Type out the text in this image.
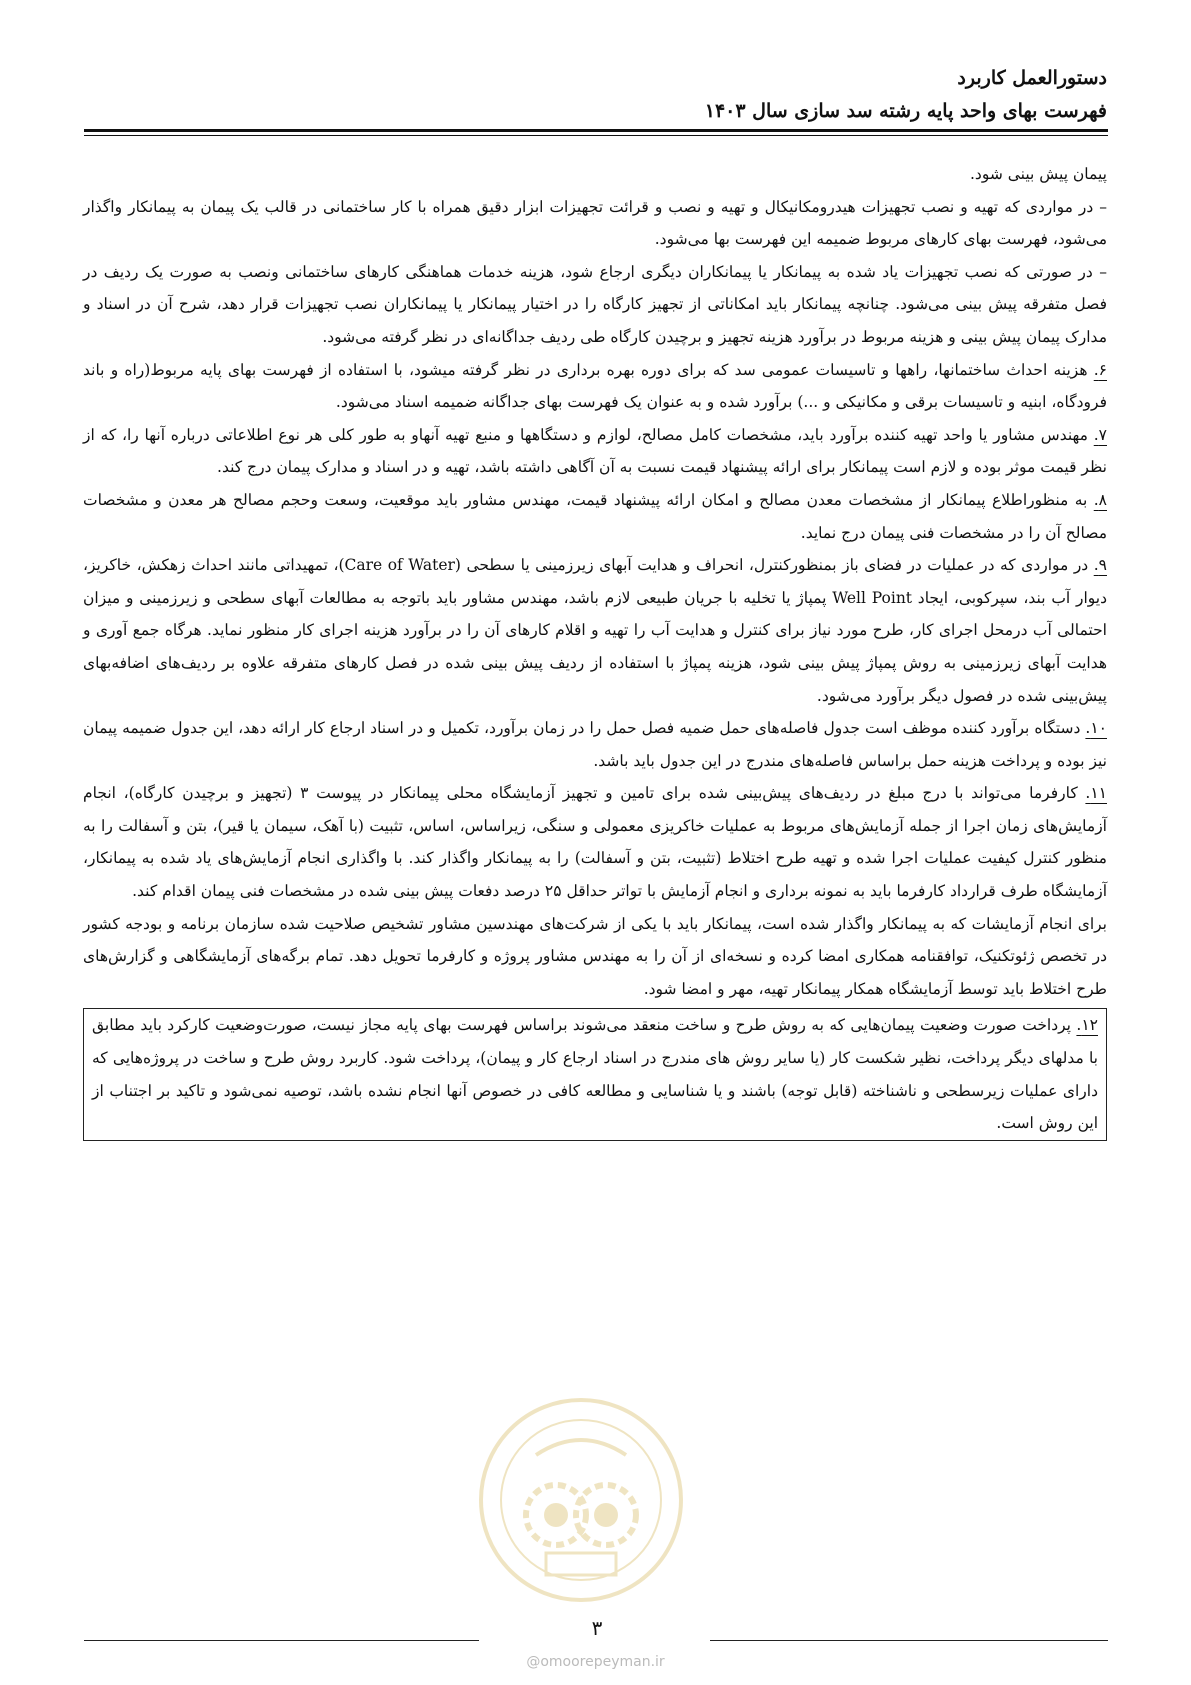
دستورالعمل کاربرد
فهرست بهای واحد پایه رشته سد سازی سال ۱۴۰۳

پیمان پیش بینی شود.

– در مواردی که تهیه و نصب تجهیزات هیدرومکانیکال و تهیه و نصب و قرائت تجهیزات ابزار دقیق همراه با کار ساختمانی در قالب یک پیمان به پیمانکار واگذار می‌شود، فهرست بهای کارهای مربوط ضمیمه این فهرست بها می‌شود.

– در صورتی که نصب تجهیزات یاد شده به پیمانکار یا پیمانکاران دیگری ارجاع شود، هزینه خدمات هماهنگی کارهای ساختمانی ونصب به صورت یک ردیف در فصل متفرقه پیش بینی می‌شود. چنانچه پیمانکار باید امکاناتی از تجهیز کارگاه را در اختیار پیمانکار یا پیمانکاران نصب تجهیزات قرار دهد، شرح آن در اسناد و مدارک پیمان پیش بینی و هزینه مربوط در برآورد هزینه تجهیز و برچیدن کارگاه طی ردیف جداگانه‌ای در نظر گرفته می‌شود.

۶. هزینه احداث ساختمانها، راهها و تاسیسات عمومی سد که برای دوره بهره برداری در نظر گرفته میشود، با استفاده از فهرست بهای پایه مربوط(راه و باند فرودگاه، ابنیه و تاسیسات برقی و مکانیکی و ...) برآورد شده و به عنوان یک فهرست بهای جداگانه ضمیمه اسناد می‌شود.

۷. مهندس مشاور یا واحد تهیه کننده برآورد باید، مشخصات کامل مصالح، لوازم و دستگاهها و منبع تهیه آنهاو به طور کلی هر نوع اطلاعاتی درباره آنها را، که از نظر قیمت موثر بوده و لازم است پیمانکار برای ارائه پیشنهاد قیمت نسبت به آن آگاهی داشته باشد، تهیه و در اسناد و مدارک پیمان درج کند.

۸. به منظوراطلاع پیمانکار از مشخصات معدن مصالح و امکان ارائه پیشنهاد قیمت، مهندس مشاور باید موقعیت، وسعت وحجم مصالح هر معدن و مشخصات مصالح آن را در مشخصات فنی پیمان درج نماید.

۹. در مواردی که در عملیات در فضای باز بمنظورکنترل، انحراف و هدایت آبهای زیرزمینی یا سطحی (Care of Water)، تمهیداتی مانند احداث زهکش، خاکریز، دیوار آب بند، سپرکوبی، ایجاد Well Point پمپاژ یا تخلیه با جریان طبیعی لازم باشد، مهندس مشاور باید باتوجه به مطالعات آبهای سطحی و زیرزمینی و میزان احتمالی آب درمحل اجرای کار، طرح مورد نیاز برای کنترل و هدایت آب را تهیه و اقلام کارهای آن را در برآورد هزینه اجرای کار منظور نماید. هرگاه جمع آوری و هدایت آبهای زیرزمینی به روش پمپاژ پیش بینی شود، هزینه پمپاژ با استفاده از ردیف پیش بینی شده در فصل کارهای متفرقه علاوه بر ردیف‌های اضافه‌بهای پیش‌بینی شده در فصول دیگر برآورد می‌شود.

۱۰. دستگاه برآورد کننده موظف است جدول فاصله‌های حمل ضمیه فصل حمل را در زمان برآورد، تکمیل و در اسناد ارجاع کار ارائه دهد، این جدول ضمیمه پیمان نیز بوده و پرداخت هزینه حمل براساس فاصله‌های مندرج در این جدول باید باشد.

۱۱. کارفرما می‌تواند با درج مبلغ در ردیف‌های پیش‌بینی شده برای تامین و تجهیز آزمایشگاه محلی پیمانکار در پیوست ۳ (تجهیز و برچیدن کارگاه)، انجام آزمایش‌های زمان اجرا از جمله آزمایش‌های مربوط به عملیات خاکریزی معمولی و سنگی، زیراساس، اساس، تثبیت (با آهک، سیمان یا قیر)، بتن و آسفالت را به منظور کنترل کیفیت عملیات اجرا شده و تهیه طرح اختلاط (تثبیت، بتن و آسفالت) را به پیمانکار واگذار کند. با واگذاری انجام آزمایش‌های یاد شده به پیمانکار، آزمایشگاه طرف قرارداد کارفرما باید به نمونه برداری و انجام آزمایش با تواتر حداقل ۲۵ درصد دفعات پیش بینی شده در مشخصات فنی پیمان اقدام کند.

برای انجام آزمایشات که به پیمانکار واگذار شده است، پیمانکار باید با یکی از شرکت‌های مهندسین مشاور تشخیص صلاحیت شده سازمان برنامه و بودجه کشور در تخصص ژئوتکنیک، توافقنامه همکاری امضا کرده و نسخه‌ای از آن را به مهندس مشاور پروژه و کارفرما تحویل دهد. تمام برگه‌های آزمایشگاهی و گزارش‌های طرح اختلاط باید توسط آزمایشگاه همکار پیمانکار تهیه، مهر و امضا شود.

۱۲. پرداخت صورت وضعیت پیمان‌هایی که به روش طرح و ساخت منعقد می‌شوند براساس فهرست بهای پایه مجاز نیست، صورت‌وضعیت کارکرد باید مطابق با مدلهای دیگر پرداخت، نظیر شکست کار (یا سایر روش های مندرج در اسناد ارجاع کار و پیمان)، پرداخت شود. کاربرد روش طرح و ساخت در پروژه‌هایی که دارای عملیات زیرسطحی و ناشناخته (قابل توجه) باشند و یا شناسایی و مطالعه کافی در خصوص آنها انجام نشده باشد، توصیه نمی‌شود و تاکید بر اجتناب از این روش است.

۳
@omoorepeyman.ir
